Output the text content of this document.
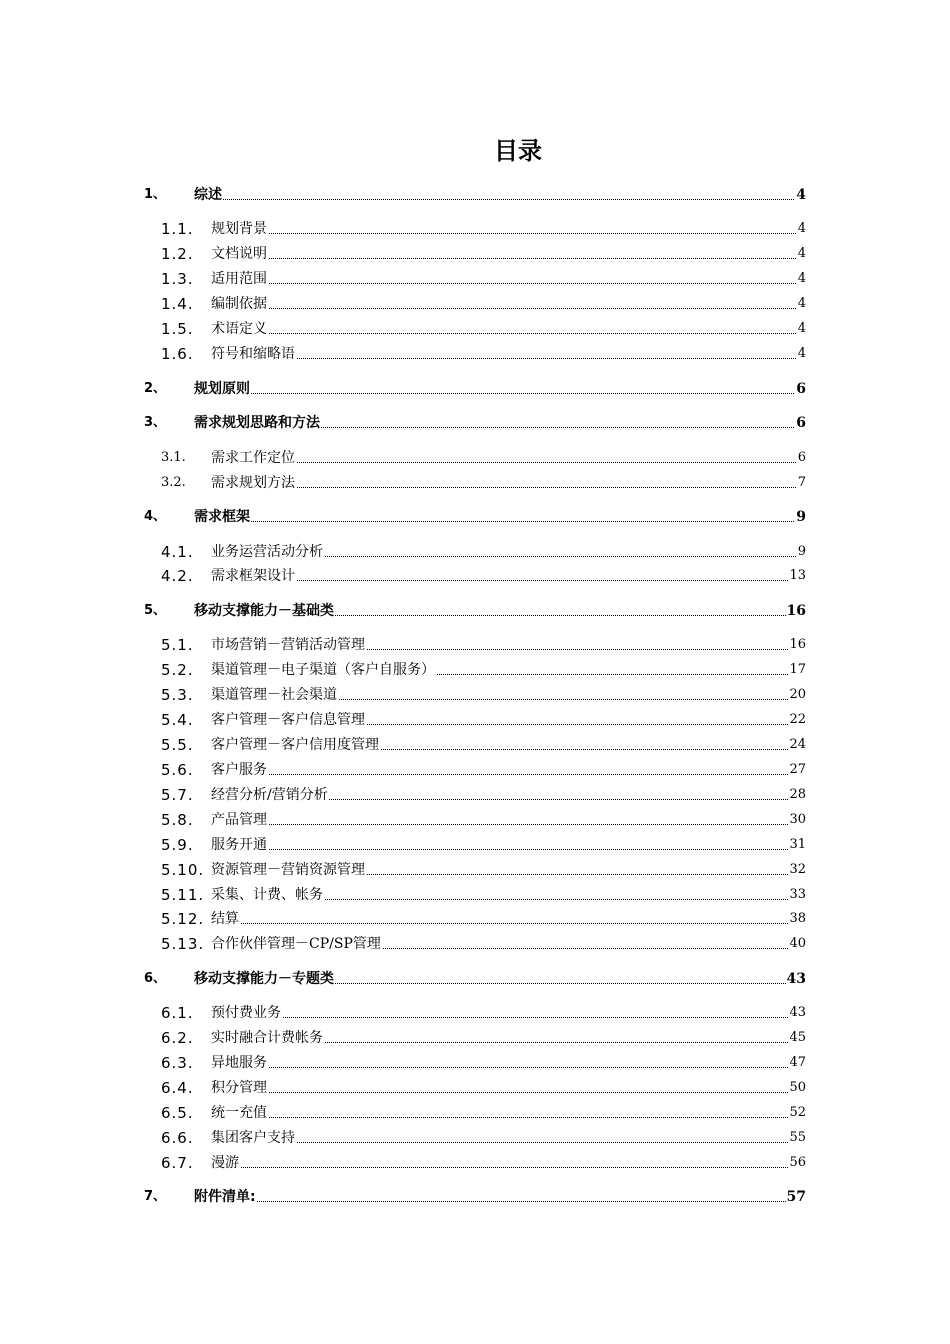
目录
1、 综述	4
1.1. 规划背景	4
1.2. 文档说明	4
1.3. 适用范围	4
1.4. 编制依据	4
1.5. 术语定义	4
1.6. 符号和缩略语	4
2、 规划原则	6
3、 需求规划思路和方法	6
3.1. 需求工作定位	6
3.2. 需求规划方法	7
4、 需求框架	9
4.1. 业务运营活动分析	9
4.2. 需求框架设计	13
5、 移动支撑能力－基础类	16
5.1. 市场营销－营销活动管理	16
5.2. 渠道管理－电子渠道（客户自服务）	17
5.3. 渠道管理－社会渠道	20
5.4. 客户管理－客户信息管理	22
5.5. 客户管理－客户信用度管理	24
5.6. 客户服务	27
5.7. 经营分析/营销分析	28
5.8. 产品管理	30
5.9. 服务开通	31
5.10. 资源管理－营销资源管理	32
5.11. 采集、计费、帐务	33
5.12. 结算	38
5.13. 合作伙伴管理－CP/SP管理	40
6、 移动支撑能力－专题类	43
6.1. 预付费业务	43
6.2. 实时融合计费帐务	45
6.3. 异地服务	47
6.4. 积分管理	50
6.5. 统一充值	52
6.6. 集团客户支持	55
6.7. 漫游	56
7、 附件清单:	57
